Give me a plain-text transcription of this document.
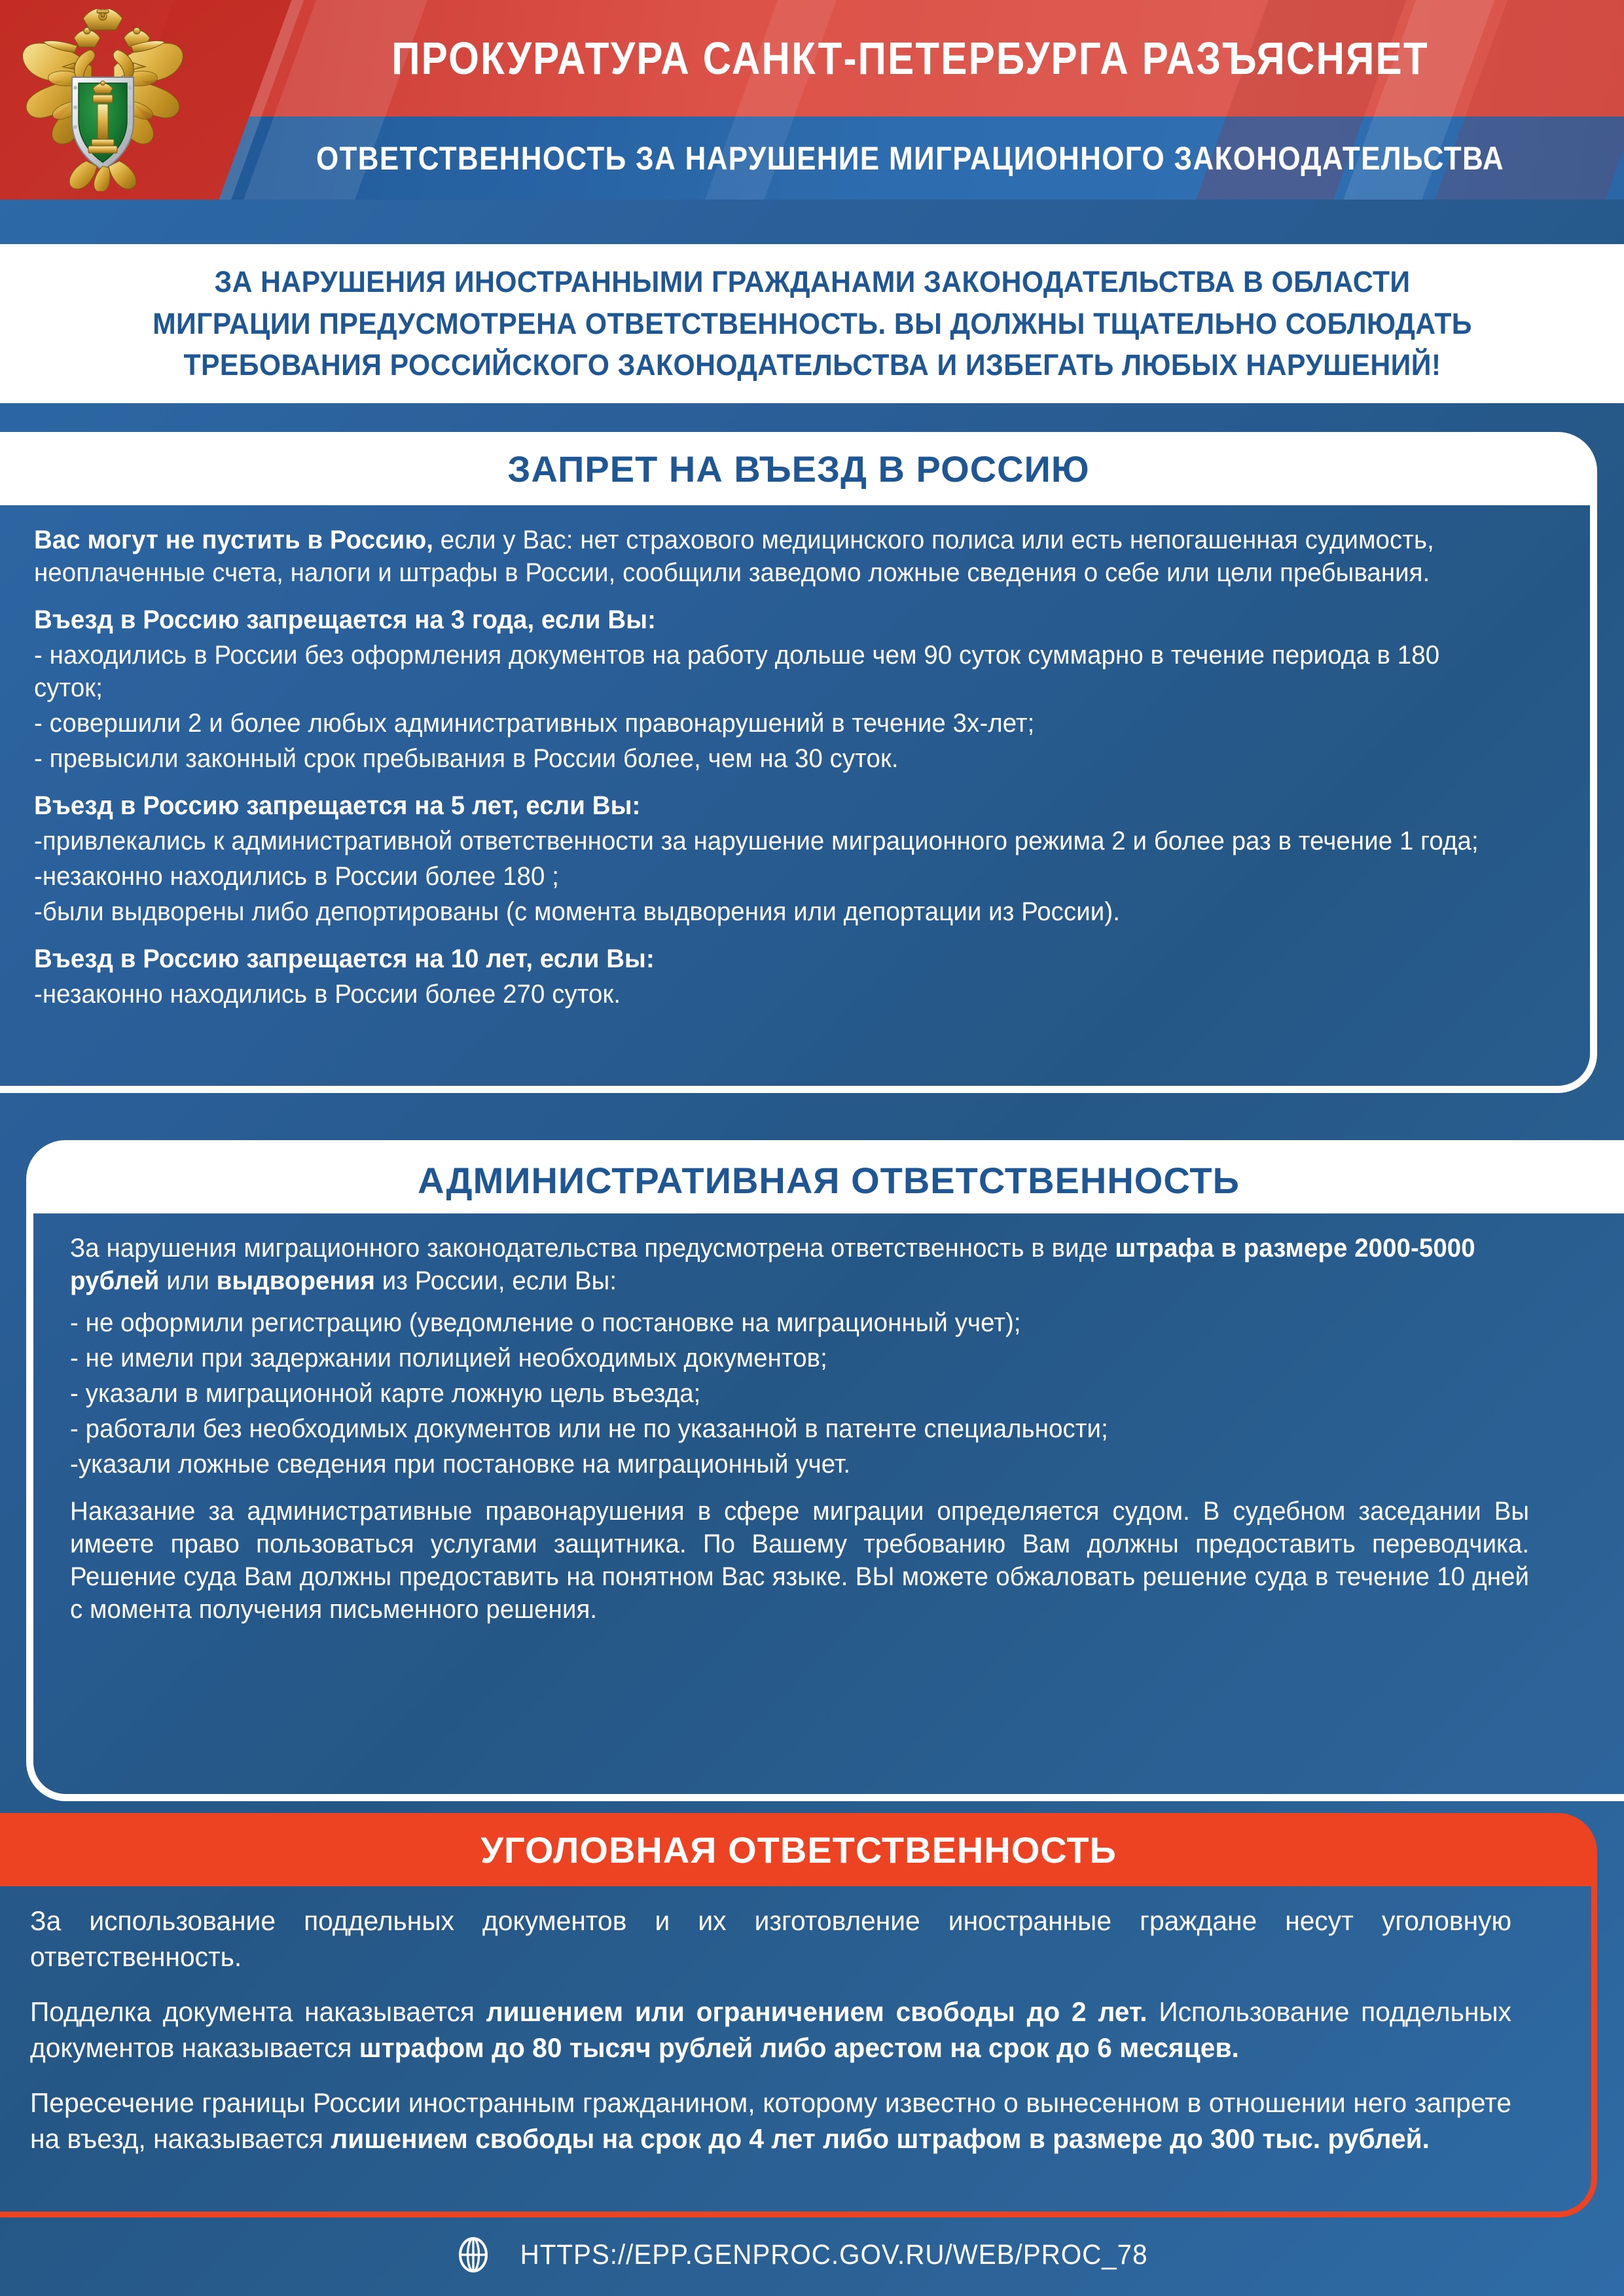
ПРОКУРАТУРА САНКТ-ПЕТЕРБУРГА РАЗЪЯСНЯЕТ
ОТВЕТСТВЕННОСТЬ ЗА НАРУШЕНИЕ МИГРАЦИОННОГО ЗАКОНОДАТЕЛЬСТВА
ЗА НАРУШЕНИЯ ИНОСТРАННЫМИ ГРАЖДАНАМИ ЗАКОНОДАТЕЛЬСТВА В ОБЛАСТИ МИГРАЦИИ ПРЕДУСМОТРЕНА ОТВЕТСТВЕННОСТЬ. ВЫ ДОЛЖНЫ ТЩАТЕЛЬНО СОБЛЮДАТЬ ТРЕБОВАНИЯ РОССИЙСКОГО ЗАКОНОДАТЕЛЬСТВА И ИЗБЕГАТЬ ЛЮБЫХ НАРУШЕНИЙ!
ЗАПРЕТ НА ВЪЕЗД В РОССИЮ

Вас могут не пустить в Россию, если у Вас: нет страхового медицинского полиса или есть непогашенная судимость, неоплаченные счета, налоги и штрафы в России, сообщили заведомо ложные сведения о себе или цели пребывания.

Въезд в Россию запрещается на 3 года, если Вы:

- находились в России без оформления документов на работу дольше чем 90 суток суммарно в течение периода в 180 суток;

- совершили 2 и более любых административных правонарушений в течение 3х-лет;

- превысили законный срок пребывания в России более, чем на 30 суток.

Въезд в Россию запрещается на 5 лет, если Вы:

-привлекались к административной ответственности за нарушение миграционного режима 2 и более раз в течение 1 года;

-незаконно находились в России более 180 ;

-были выдворены либо депортированы (с момента выдворения или депортации из России).

Въезд в Россию запрещается на 10 лет, если Вы:

-незаконно находились в России более 270 суток.

АДМИНИСТРАТИВНАЯ ОТВЕТСТВЕННОСТЬ

За нарушения миграционного законодательства предусмотрена ответственность в виде штрафа в размере 2000-5000 рублей или выдворения из России, если Вы:

- не оформили регистрацию (уведомление о постановке на миграционный учет);

- не имели при задержании полицией необходимых документов;

- указали в миграционной карте ложную цель въезда;

- работали без необходимых документов или не по указанной в патенте специальности;

-указали ложные сведения при постановке на миграционный учет.

Наказание за административные правонарушения в сфере миграции определяется судом. В судебном заседании Вы имеете право пользоваться услугами защитника. По Вашему требованию Вам должны предоставить переводчика. Решение суда Вам должны предоставить на понятном Вас языке. ВЫ можете обжаловать решение суда в течение 10 дней с момента получения письменного решения.

УГОЛОВНАЯ ОТВЕТСТВЕННОСТЬ

За использование поддельных документов и их изготовление иностранные граждане несут уголовную ответственность.

Подделка документа наказывается лишением или ограничением свободы до 2 лет. Использование поддельных документов наказывается штрафом до 80 тысяч рублей либо арестом на срок до 6 месяцев.

Пересечение границы России иностранным гражданином, которому известно о вынесенном в отношении него запрете на въезд, наказывается лишением свободы на срок до 4 лет либо штрафом в размере до 300 тыс. рублей.

HTTPS://EPP.GENPROC.GOV.RU/WEB/PROC_78
